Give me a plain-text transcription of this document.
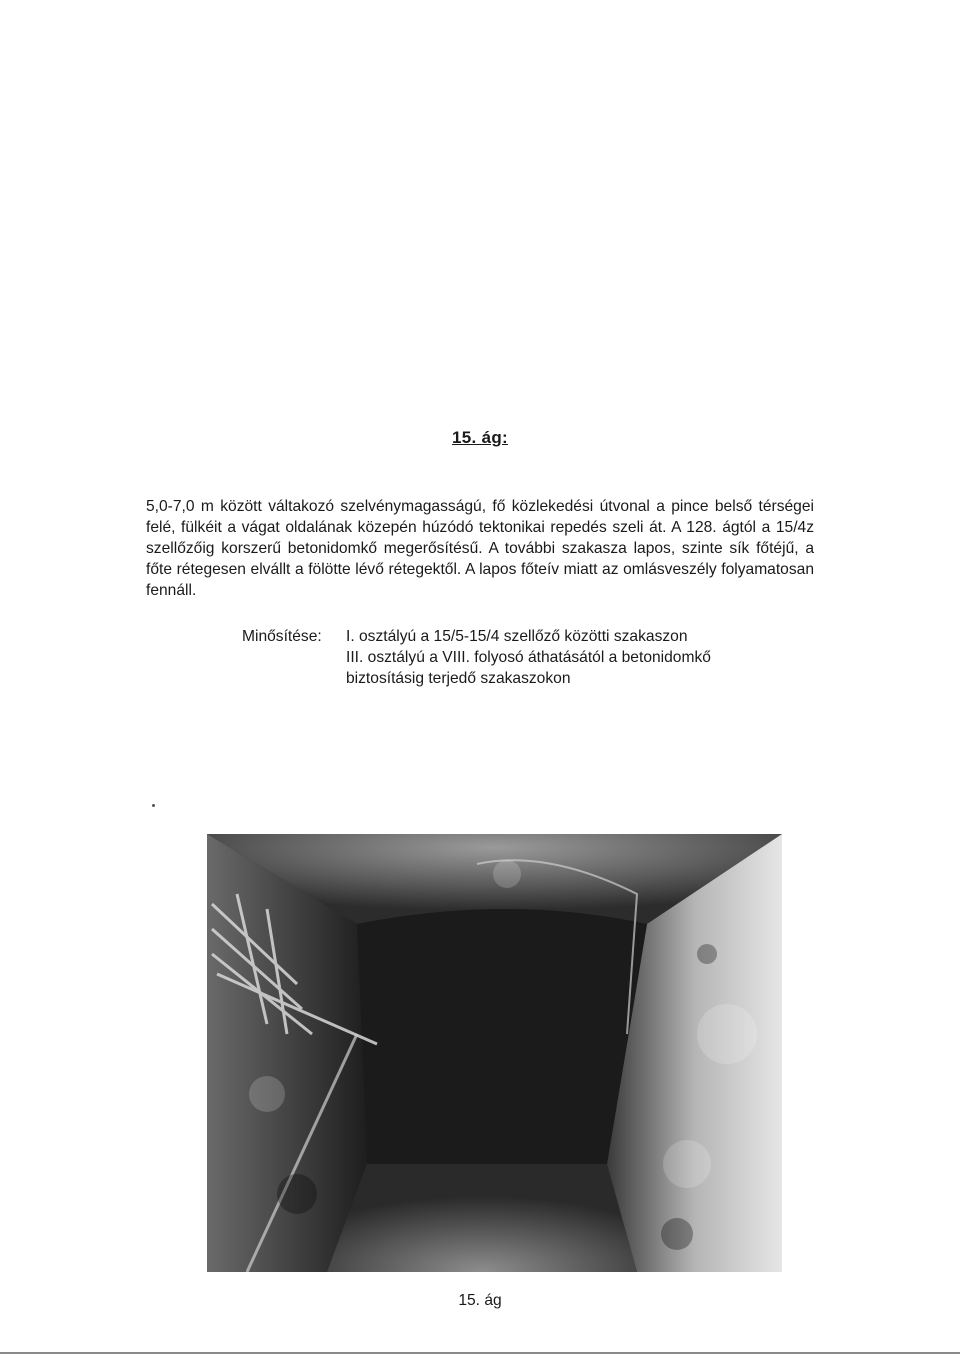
15. ág:

5,0-7,0 m között váltakozó szelvénymagasságú, fő közlekedési útvonal a pince belső térségei felé, fülkéit a vágat oldalának közepén húzódó tektonikai repedés szeli át. A 128. ágtól a 15/4z szellőzőig korszerű betonidomkő megerősítésű. A további szakasza lapos, szinte sík főtéjű, a főte rétegesen elvállt a fölötte lévő rétegektől. A lapos főteív miatt az omlásveszély folyamatosan fennáll.

Minősítése: I. osztályú a 15/5-15/4 szellőző közötti szakaszon
III. osztályú a VIII. folyosó áthatásától a betonidomkő
biztosításig terjedő szakaszokon
15. ág
